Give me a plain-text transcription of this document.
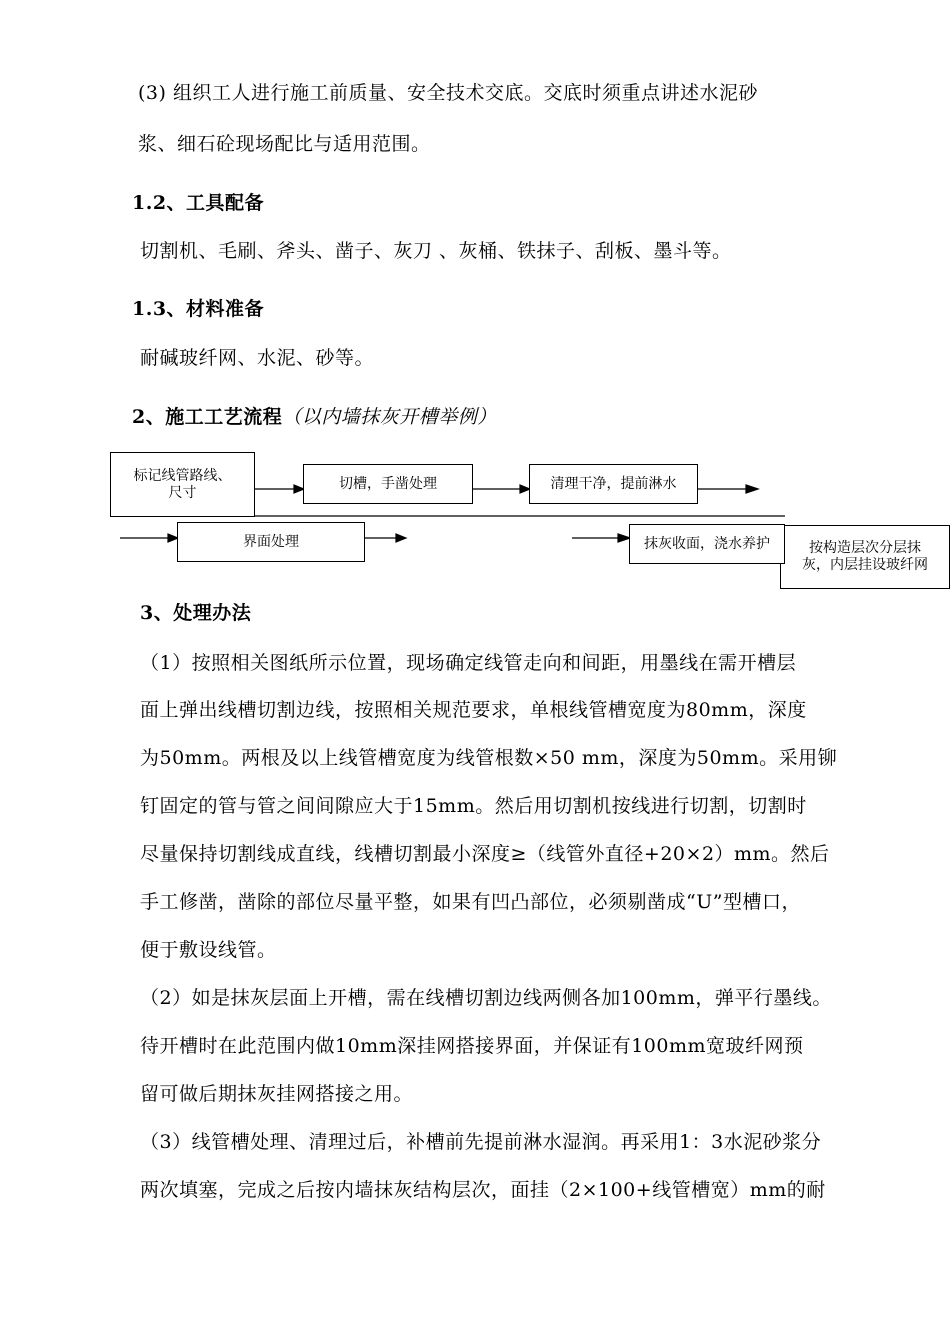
(3) 组织工人进行施工前质量、安全技术交底。交底时须重点讲述水泥砂
浆、细石砼现场配比与适用范围。
1.2、工具配备
切割机、毛刷、斧头、凿子、灰刀 、灰桶、铁抹子、刮板、墨斗等。
1.3、材料准备
耐碱玻纤网、水泥、砂等。
2、施工工艺流程（以内墙抹灰开槽举例）
标记线管路线、
尺寸
切槽，手凿处理	清理干净，提前淋水
界面处理	按构造层次分层抹
灰，内层挂设玻纤网
抹灰收面，浇水养护
3、处理办法
（1）按照相关图纸所示位置，现场确定线管走向和间距，用墨线在需开槽层
面上弹出线槽切割边线，按照相关规范要求，单根线管槽宽度为80mm，深度
为50mm。两根及以上线管槽宽度为线管根数×50 mm，深度为50mm。采用铆
钉固定的管与管之间间隙应大于15mm。然后用切割机按线进行切割，切割时
尽量保持切割线成直线，线槽切割最小深度≥（线管外直径+20×2）mm。然后
手工修凿，凿除的部位尽量平整，如果有凹凸部位，必须剔凿成“U”型槽口，
便于敷设线管。
（2）如是抹灰层面上开槽，需在线槽切割边线两侧各加100mm，弹平行墨线。
待开槽时在此范围内做10mm深挂网搭接界面，并保证有100mm宽玻纤网预
留可做后期抹灰挂网搭接之用。
（3）线管槽处理、清理过后，补槽前先提前淋水湿润。再采用1：3水泥砂浆分
两次填塞，完成之后按内墙抹灰结构层次，面挂（2×100+线管槽宽）mm的耐
